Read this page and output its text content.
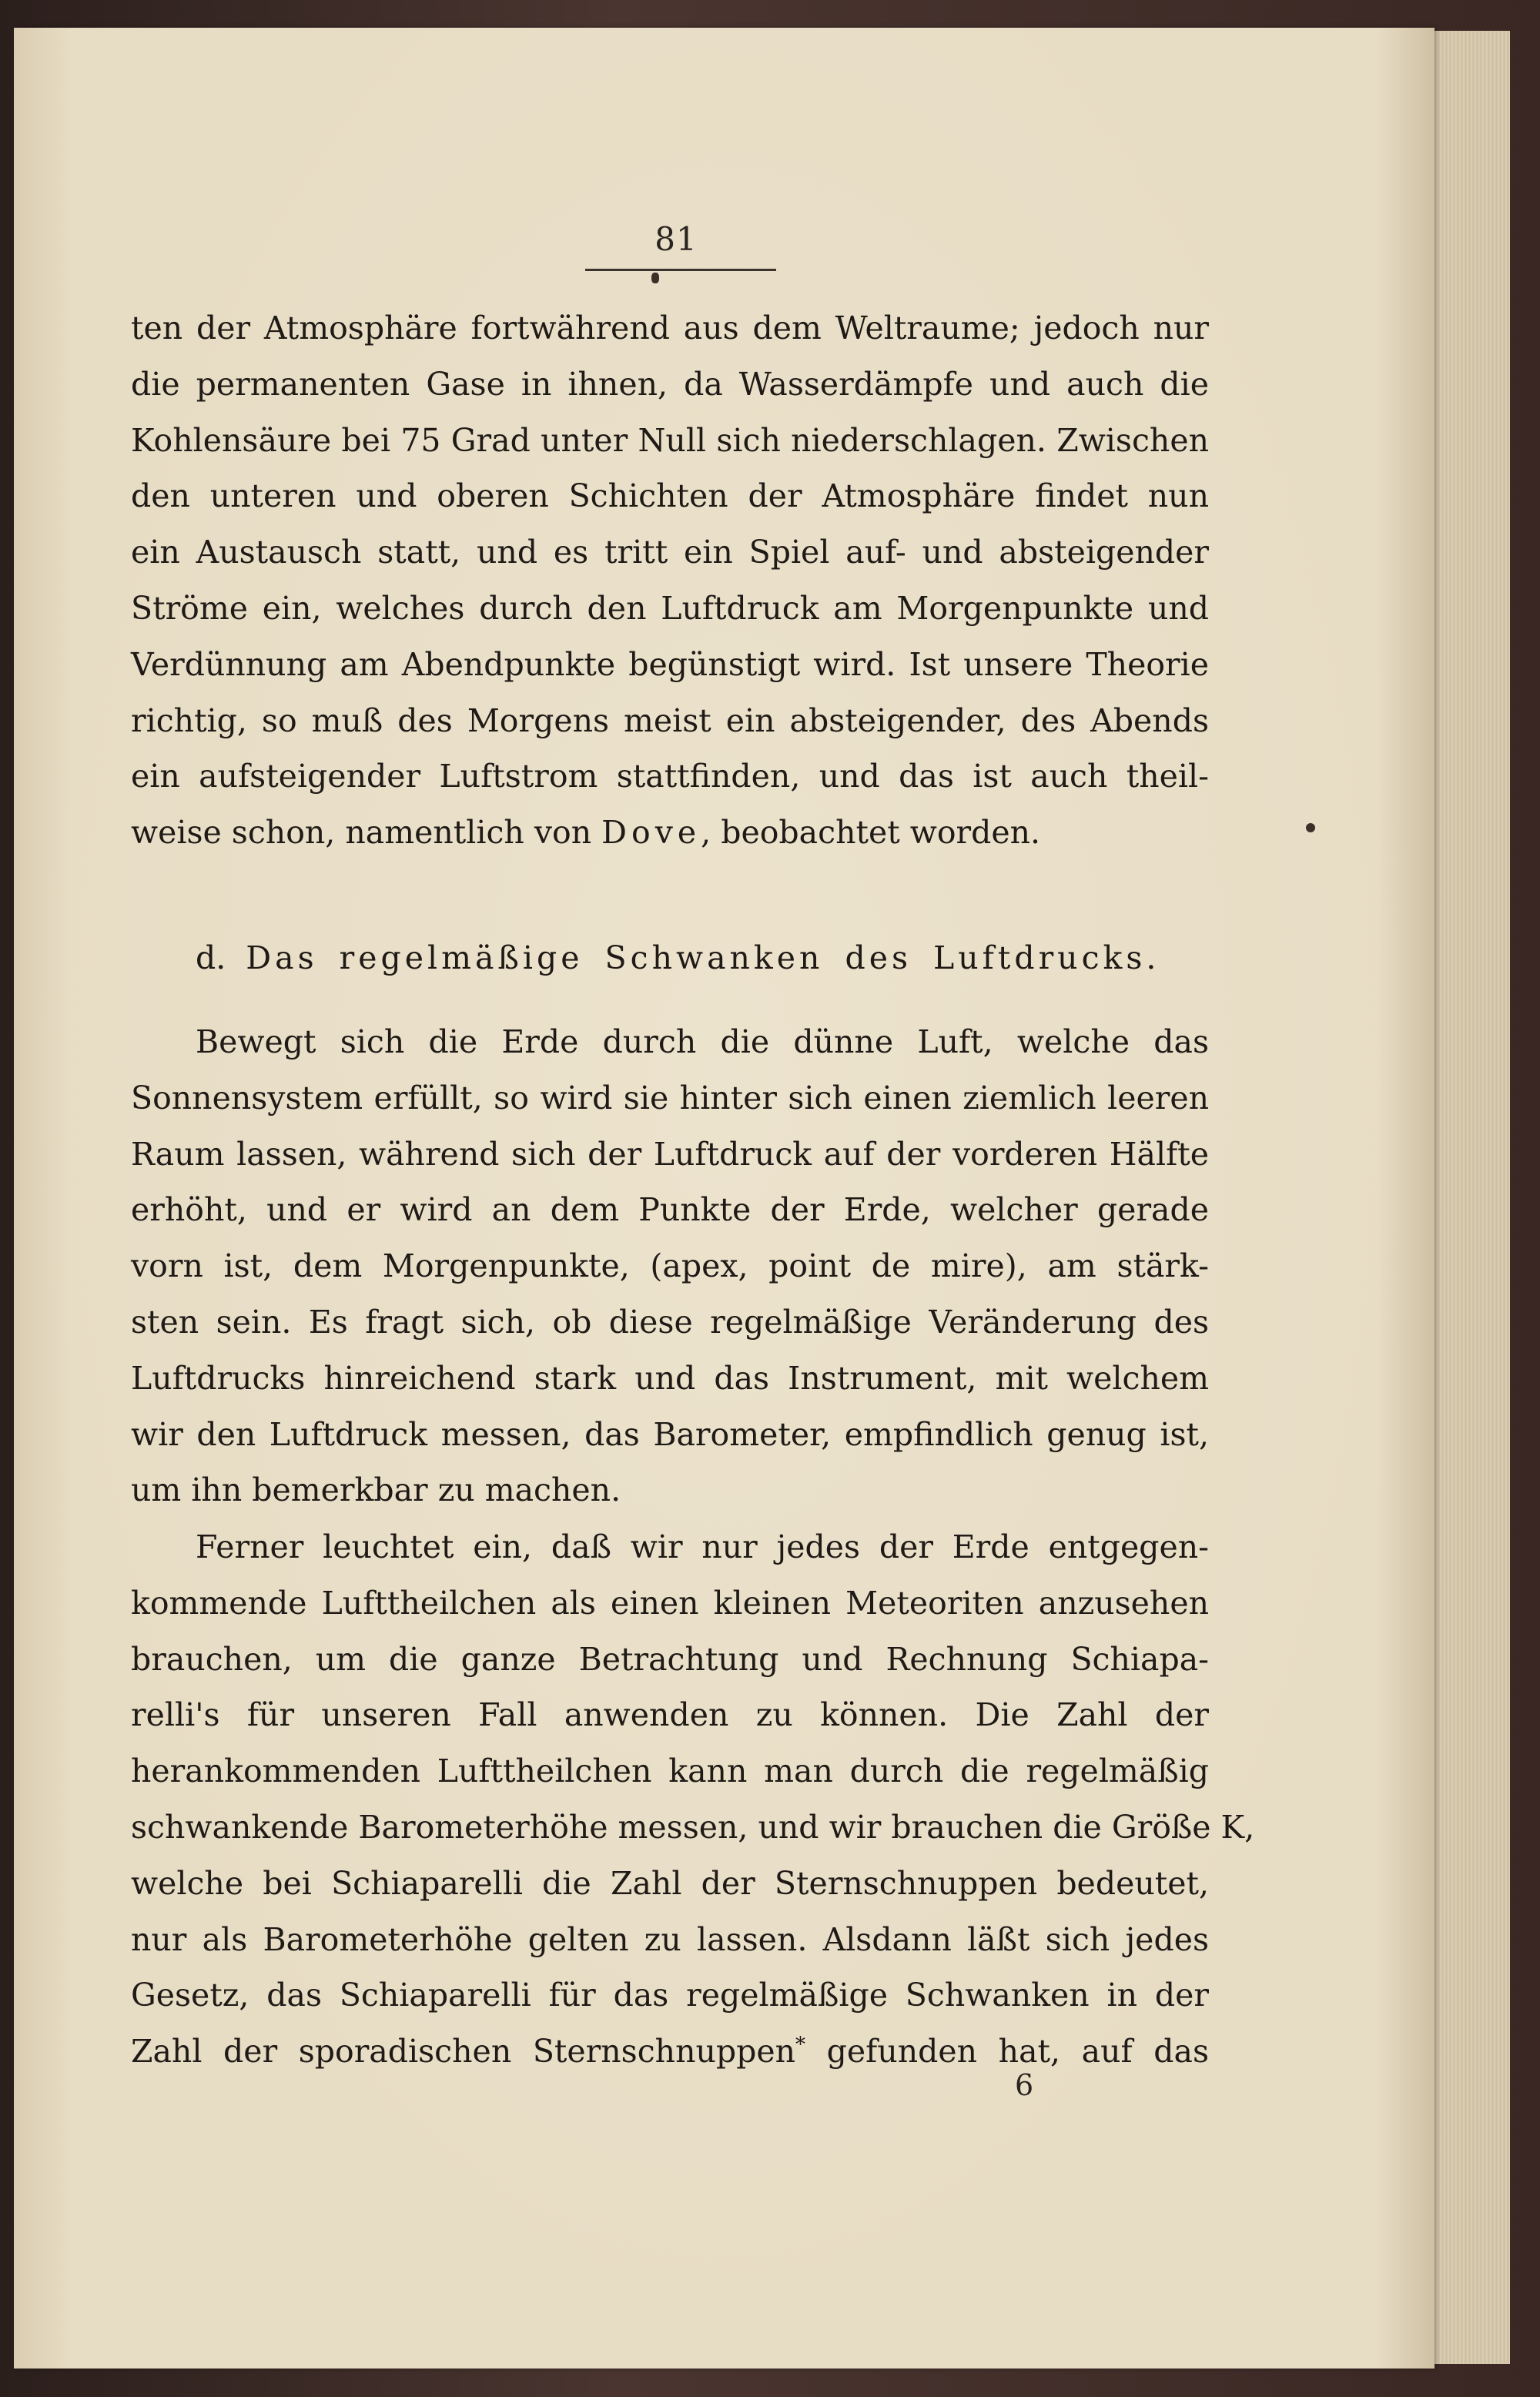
81
ten der Atmosphäre fortwährend aus dem Weltraume; jedoch nur
die permanenten Gase in ihnen, da Wasserdämpfe und auch die
Kohlensäure bei 75 Grad unter Null sich niederschlagen. Zwischen
den unteren und oberen Schichten der Atmosphäre findet nun
ein Austausch statt, und es tritt ein Spiel auf- und absteigender
Ströme ein, welches durch den Luftdruck am Morgenpunkte und
Verdünnung am Abendpunkte begünstigt wird. Ist unsere Theorie
richtig, so muß des Morgens meist ein absteigender, des Abends
ein aufsteigender Luftstrom stattfinden, und das ist auch theil-
weise schon, namentlich von Dove, beobachtet worden.
d. Das regelmäßige Schwanken des Luftdrucks.
Bewegt sich die Erde durch die dünne Luft, welche das
Sonnensystem erfüllt, so wird sie hinter sich einen ziemlich leeren
Raum lassen, während sich der Luftdruck auf der vorderen Hälfte
erhöht, und er wird an dem Punkte der Erde, welcher gerade
vorn ist, dem Morgenpunkte, (apex, point de mire), am stärk-
sten sein. Es fragt sich, ob diese regelmäßige Veränderung des
Luftdrucks hinreichend stark und das Instrument, mit welchem
wir den Luftdruck messen, das Barometer, empfindlich genug ist,
um ihn bemerkbar zu machen.
Ferner leuchtet ein, daß wir nur jedes der Erde entgegen-
kommende Lufttheilchen als einen kleinen Meteoriten anzusehen
brauchen, um die ganze Betrachtung und Rechnung Schiapa-
relli's für unseren Fall anwenden zu können. Die Zahl der
herankommenden Lufttheilchen kann man durch die regelmäßig
schwankende Barometerhöhe messen, und wir brauchen die Größe K,
welche bei Schiaparelli die Zahl der Sternschnuppen bedeutet,
nur als Barometerhöhe gelten zu lassen. Alsdann läßt sich jedes
Gesetz, das Schiaparelli für das regelmäßige Schwanken in der
Zahl der sporadischen Sternschnuppen* gefunden hat, auf das
6
